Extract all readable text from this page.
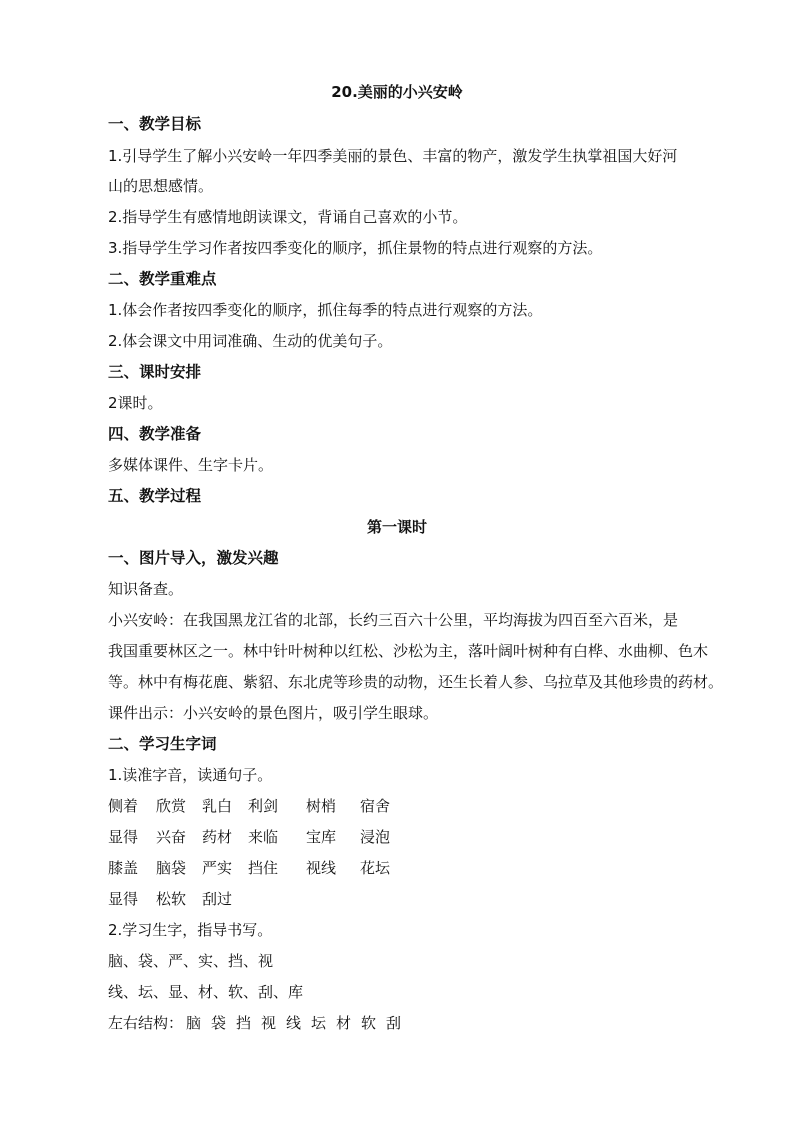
20.美丽的小兴安岭
一、教学目标
1.引导学生了解小兴安岭一年四季美丽的景色、丰富的物产，激发学生执掌祖国大好河
山的思想感情。
2.指导学生有感情地朗读课文，背诵自己喜欢的小节。
3.指导学生学习作者按四季变化的顺序，抓住景物的特点进行观察的方法。
二、教学重难点
1.体会作者按四季变化的顺序，抓住每季的特点进行观察的方法。
2.体会课文中用词准确、生动的优美句子。
三、课时安排
2课时。
四、教学准备
多媒体课件、生字卡片。
五、教学过程
第一课时
一、图片导入，激发兴趣
知识备查。
小兴安岭：在我国黑龙江省的北部，长约三百六十公里，平均海拔为四百至六百米，是
我国重要林区之一。林中针叶树种以红松、沙松为主，落叶阔叶树种有白桦、水曲柳、色木
等。林中有梅花鹿、紫貂、东北虎等珍贵的动物，还生长着人参、乌拉草及其他珍贵的药材。
课件出示：小兴安岭的景色图片，吸引学生眼球。
二、学习生字词
1.读准字音，读通句子。
侧着 欣赏 乳白 利剑 树梢 宿舍
显得 兴奋 药材 来临 宝库 浸泡
膝盖 脑袋 严实 挡住 视线 花坛
显得 松软 刮过
2.学习生字，指导书写。
脑、袋、严、实、挡、视
线、坛、显、材、软、刮、库
左右结构： 脑 袋 挡 视 线 坛 材 软 刮
